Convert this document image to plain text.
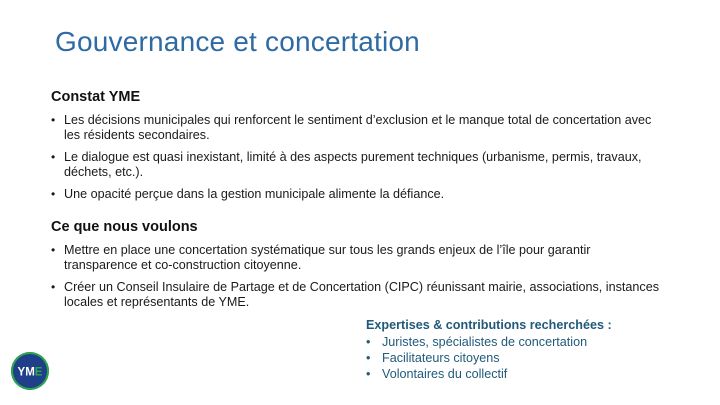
Gouvernance et concertation
Constat YME
• Les décisions municipales qui renforcent le sentiment d’exclusion et le manque total de concertation avec les résidents secondaires.
• Le dialogue est quasi inexistant, limité à des aspects purement techniques (urbanisme, permis, travaux, déchets, etc.).
• Une opacité perçue dans la gestion municipale alimente la défiance.
Ce que nous voulons
• Mettre en place une concertation systématique sur tous les grands enjeux de l’île pour garantir transparence et co-construction citoyenne.
• Créer un Conseil Insulaire de Partage et de Concertation (CIPC) réunissant mairie, associations, instances locales et représentants de YME.
Expertises & contributions recherchées :
• Juristes, spécialistes de concertation
• Facilitateurs citoyens
• Volontaires du collectif
YME
